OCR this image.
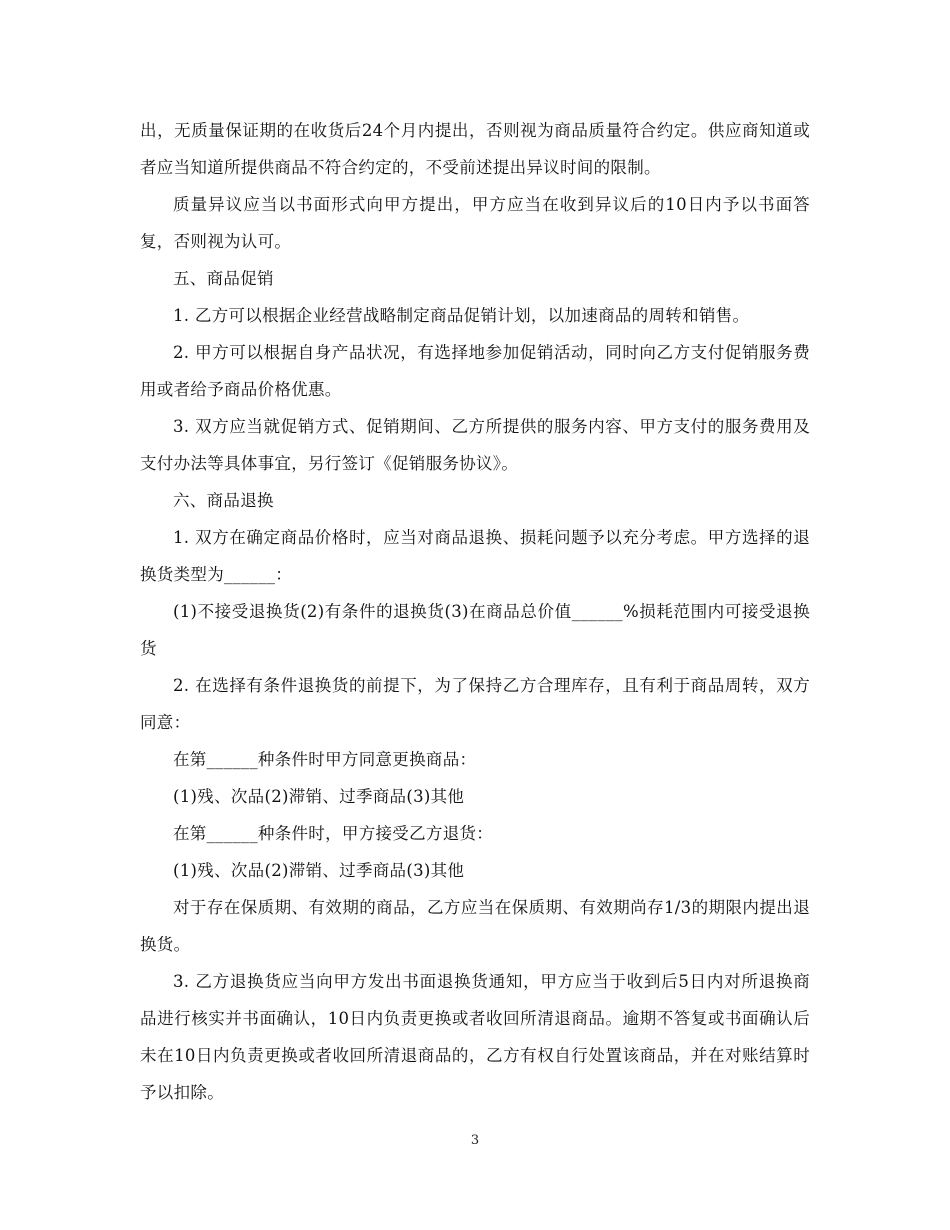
出，无质量保证期的在收货后24个月内提出，否则视为商品质量符合约定。供应商知道或者应当知道所提供商品不符合约定的，不受前述提出异议时间的限制。

质量异议应当以书面形式向甲方提出，甲方应当在收到异议后的10日内予以书面答复，否则视为认可。

五、商品促销

1. 乙方可以根据企业经营战略制定商品促销计划，以加速商品的周转和销售。

2. 甲方可以根据自身产品状况，有选择地参加促销活动，同时向乙方支付促销服务费用或者给予商品价格优惠。

3. 双方应当就促销方式、促销期间、乙方所提供的服务内容、甲方支付的服务费用及支付办法等具体事宜，另行签订《促销服务协议》。

六、商品退换

1. 双方在确定商品价格时，应当对商品退换、损耗问题予以充分考虑。甲方选择的退换货类型为______：

(1)不接受退换货(2)有条件的退换货(3)在商品总价值______%损耗范围内可接受退换货

2. 在选择有条件退换货的前提下，为了保持乙方合理库存，且有利于商品周转，双方同意：

在第______种条件时甲方同意更换商品：

(1)残、次品(2)滞销、过季商品(3)其他

在第______种条件时，甲方接受乙方退货：

(1)残、次品(2)滞销、过季商品(3)其他

对于存在保质期、有效期的商品，乙方应当在保质期、有效期尚存1/3的期限内提出退换货。

3. 乙方退换货应当向甲方发出书面退换货通知，甲方应当于收到后5日内对所退换商品进行核实并书面确认，10日内负责更换或者收回所清退商品。逾期不答复或书面确认后未在10日内负责更换或者收回所清退商品的，乙方有权自行处置该商品，并在对账结算时予以扣除。

3
